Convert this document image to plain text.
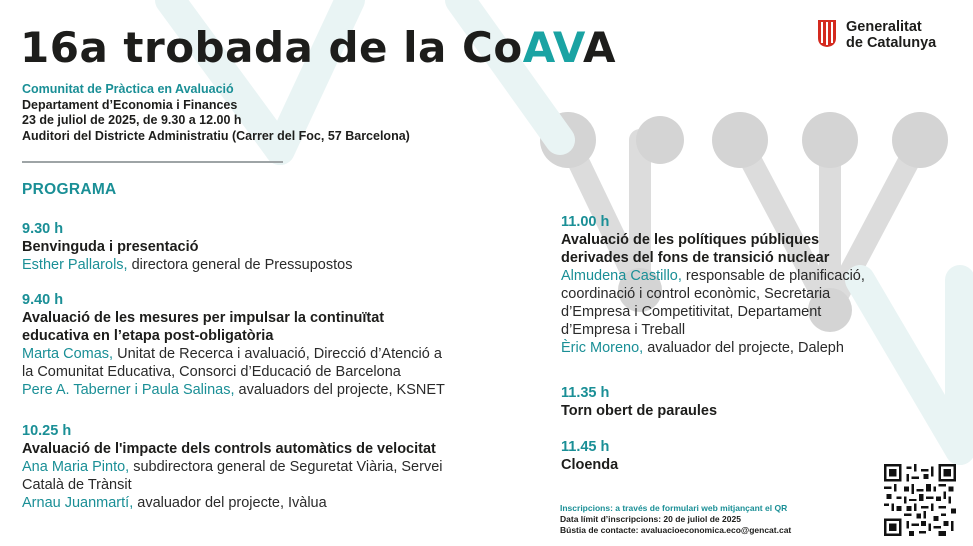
16a trobada de la CoAVA	Generalitat
de Catalunya
Comunitat de Pràctica en Avaluació
Departament d’Economia i Finances
23 de juliol de 2025, de 9.30 a 12.00 h
Auditori del Districte Administratiu (Carrer del Foc, 57 Barcelona)
PROGRAMA
9.30 h
Benvinguda i presentació
Esther Pallarols, directora general de Pressupostos
9.40 h
Avaluació de les mesures per impulsar la continuïtat
educativa en l’etapa post-obligatòria
Marta Comas, Unitat de Recerca i avaluació, Direcció d’Atenció a
la Comunitat Educativa, Consorci d’Educació de Barcelona
Pere A. Taberner i Paula Salinas, avaluadors del projecte, KSNET
10.25 h
Avaluació de l'impacte dels controls automàtics de velocitat
Ana Maria Pinto, subdirectora general de Seguretat Viària, Servei
Català de Trànsit
Arnau Juanmartí, avaluador del projecte, Ivàlua
11.00 h
Avaluació de les polítiques públiques
derivades del fons de transició nuclear
Almudena Castillo, responsable de planificació,
coordinació i control econòmic, Secretaria
d’Empresa i Competitivitat, Departament
d’Empresa i Treball
Èric Moreno, avaluador del projecte, Daleph
11.35 h
Torn obert de paraules
11.45 h
Cloenda
Inscripcions: a través de formulari web mitjançant el QR
Data límit d’inscripcions: 20 de juliol de 2025
Bústia de contacte: avaluacioeconomica.eco@gencat.cat
